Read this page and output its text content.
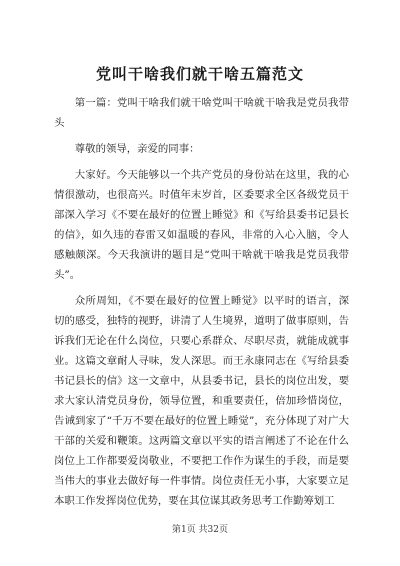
党叫干啥我们就干啥五篇范文

第一篇：党叫干啥我们就干啥党叫干啥就干啥我是党员我带头

尊敬的领导，亲爱的同事：

大家好。今天能够以一个共产党员的身份站在这里，我的心情很激动，也很高兴。时值年末岁首，区委要求全区各级党员干部深入学习《不要在最好的位置上睡觉》和《写给县委书记县长的信》，如久违的春雷又如温暖的春风，非常的入心入脑，令人感触颇深。今天我演讲的题目是“党叫干啥就干啥我是党员我带头”。

众所周知，《不要在最好的位置上睡觉》以平时的语言，深切的感受，独特的视野，讲清了人生境界，道明了做事原则，告诉我们无论在什么岗位，只要心系群众、尽职尽责，就能成就事业。这篇文章耐人寻味，发人深思。而王永康同志在《写给县委书记县长的信》这一文章中，从县委书记，县长的岗位出发，要求大家认清党员身份，领导位置，和重要责任，倍加珍惜岗位，告诫到家了“千万不要在最好的位置上睡觉”，充分体现了对广大干部的关爱和鞭策。这两篇文章以平实的语言阐述了不论在什么岗位上工作都要爱岗敬业，不要把工作作为谋生的手段，而是要当伟大的事业去做好每一件事情。岗位责任无小事，大家要立足本职工作发挥岗位优势，要在其位谋其政务思考工作勤筹划工

第1页 共32页
